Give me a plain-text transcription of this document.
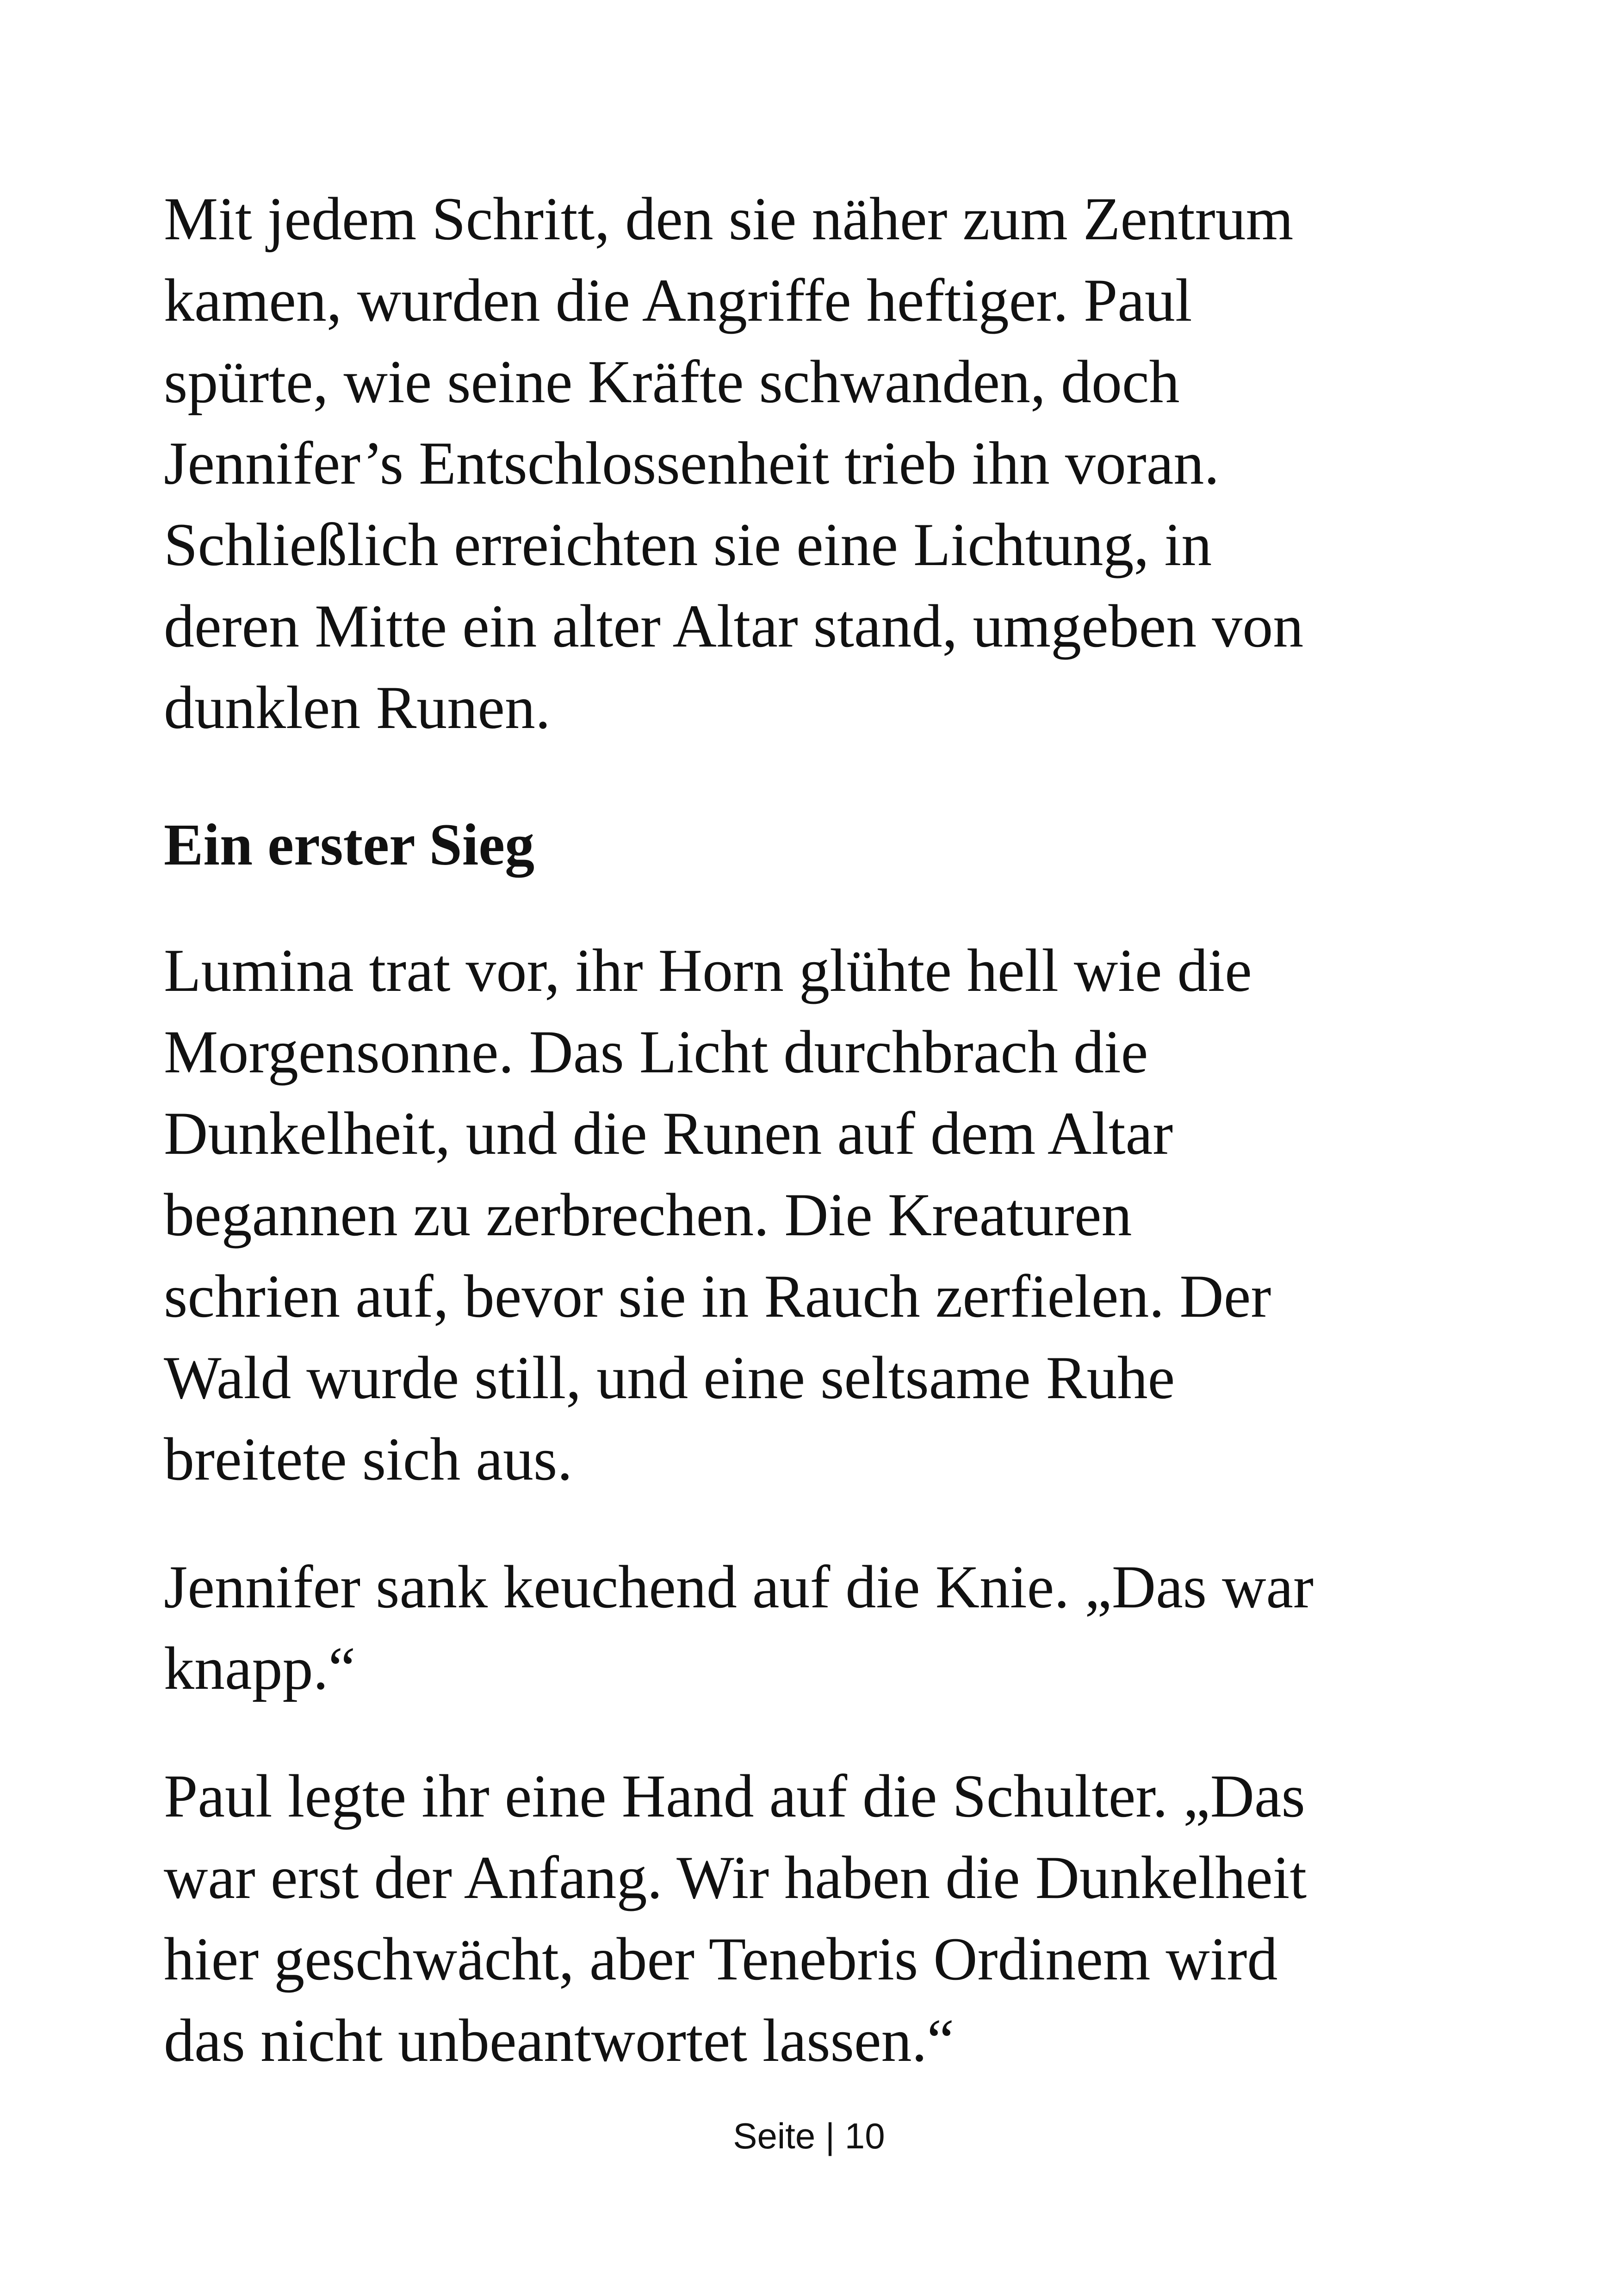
Mit jedem Schritt, den sie näher zum Zentrum
kamen, wurden die Angriffe heftiger. Paul
spürte, wie seine Kräfte schwanden, doch
Jennifer’s Entschlossenheit trieb ihn voran.
Schließlich erreichten sie eine Lichtung, in
deren Mitte ein alter Altar stand, umgeben von
dunklen Runen.

Ein erster Sieg

Lumina trat vor, ihr Horn glühte hell wie die
Morgensonne. Das Licht durchbrach die
Dunkelheit, und die Runen auf dem Altar
begannen zu zerbrechen. Die Kreaturen
schrien auf, bevor sie in Rauch zerfielen. Der
Wald wurde still, und eine seltsame Ruhe
breitete sich aus.

Jennifer sank keuchend auf die Knie. „Das war
knapp.“

Paul legte ihr eine Hand auf die Schulter. „Das
war erst der Anfang. Wir haben die Dunkelheit
hier geschwächt, aber Tenebris Ordinem wird
das nicht unbeantwortet lassen.“

Seite | 10
